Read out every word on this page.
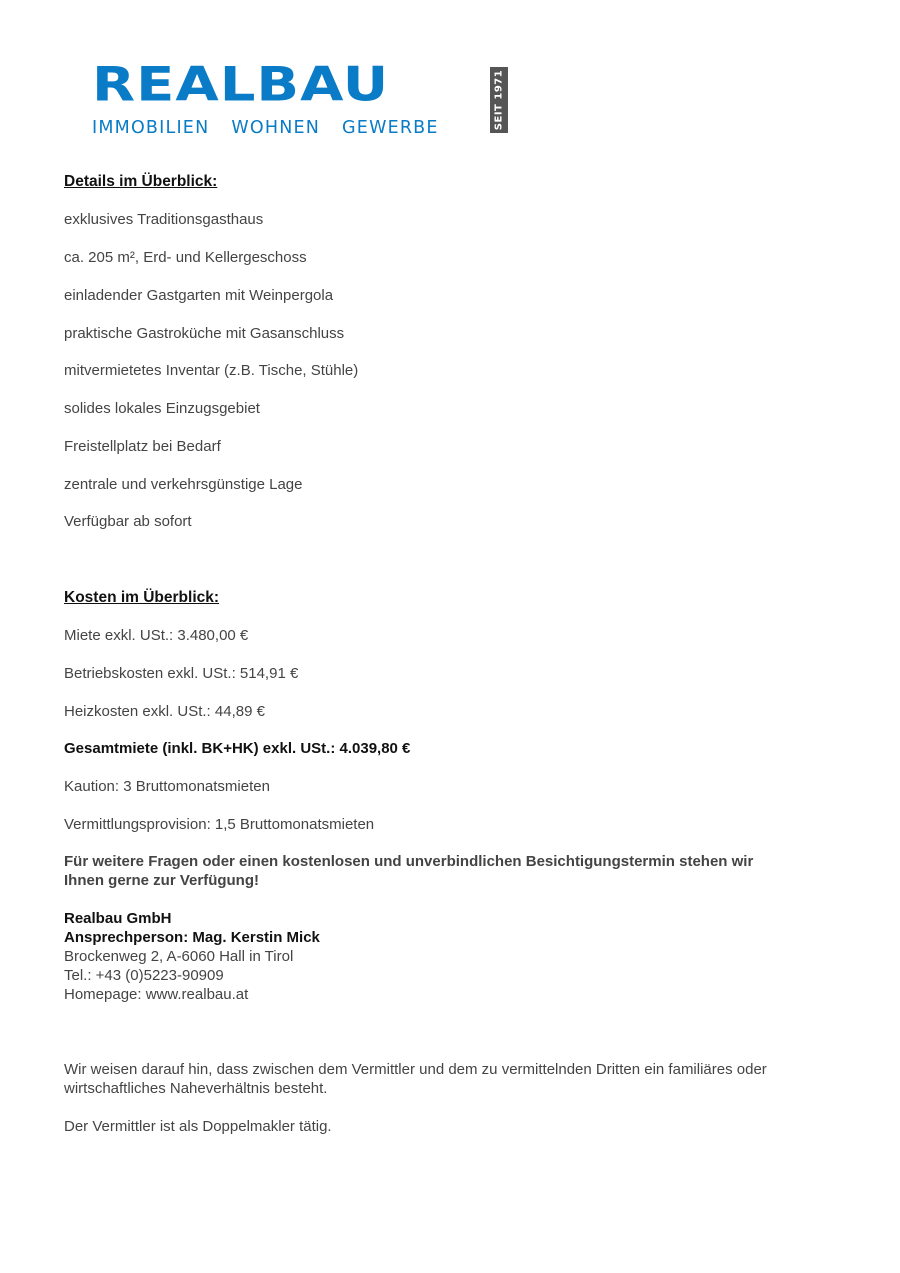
REALBAU
IMMOBILIEN WOHNEN GEWERBE	SEIT 1971
Details im Überblick:
exklusives Traditionsgasthaus
ca. 205 m², Erd- und Kellergeschoss
einladender Gastgarten mit Weinpergola
praktische Gastroküche mit Gasanschluss
mitvermietetes Inventar (z.B. Tische, Stühle)
solides lokales Einzugsgebiet
Freistellplatz bei Bedarf
zentrale und verkehrsgünstige Lage
Verfügbar ab sofort
Kosten im Überblick:
Miete exkl. USt.: 3.480,00 €
Betriebskosten exkl. USt.: 514,91 €
Heizkosten exkl. USt.: 44,89 €
Gesamtmiete (inkl. BK+HK) exkl. USt.: 4.039,80 €
Kaution: 3 Bruttomonatsmieten
Vermittlungsprovision: 1,5 Bruttomonatsmieten
Für weitere Fragen oder einen kostenlosen und unverbindlichen Besichtigungstermin stehen wir
Ihnen gerne zur Verfügung!
Realbau GmbH
Ansprechperson: Mag. Kerstin Mick
Brockenweg 2, A-6060 Hall in Tirol
Tel.: +43 (0)5223-90909
Homepage: www.realbau.at
Wir weisen darauf hin, dass zwischen dem Vermittler und dem zu vermittelnden Dritten ein familiäres oder
wirtschaftliches Naheverhältnis besteht.
Der Vermittler ist als Doppelmakler tätig.
